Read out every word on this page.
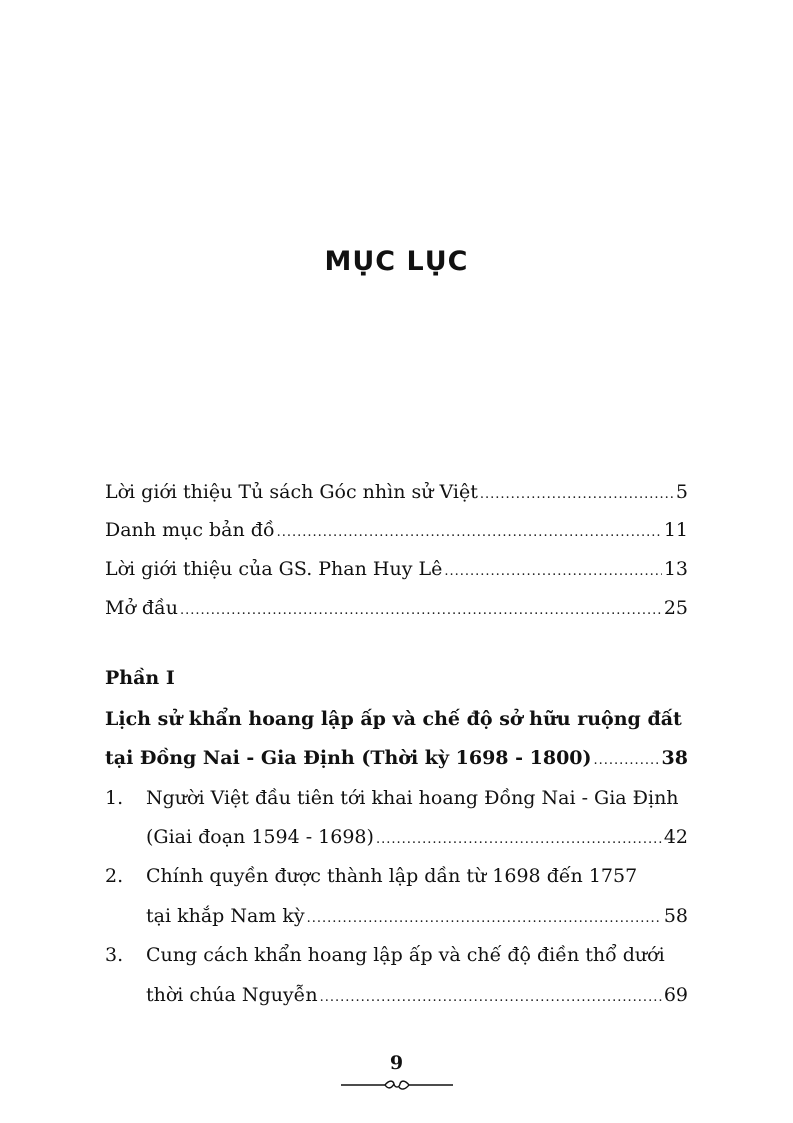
MỤC LỤC
Lời giới thiệu Tủ sách Góc nhìn sử Việt .....	5
Danh mục bản đồ .....	11
Lời giới thiệu của GS. Phan Huy Lê .....	13
Mở đầu .....	25
Phần I
Lịch sử khẩn hoang lập ấp và chế độ sở hữu ruộng đất
tại Đồng Nai - Gia Định (Thời kỳ 1698 - 1800) .....	38
1. Người Việt đầu tiên tới khai hoang Đồng Nai - Gia Định
(Giai đoạn 1594 - 1698) .....	42
2. Chính quyền được thành lập dần từ 1698 đến 1757
tại khắp Nam kỳ .....	58
3. Cung cách khẩn hoang lập ấp và chế độ điền thổ dưới
thời chúa Nguyễn .....	69
9
